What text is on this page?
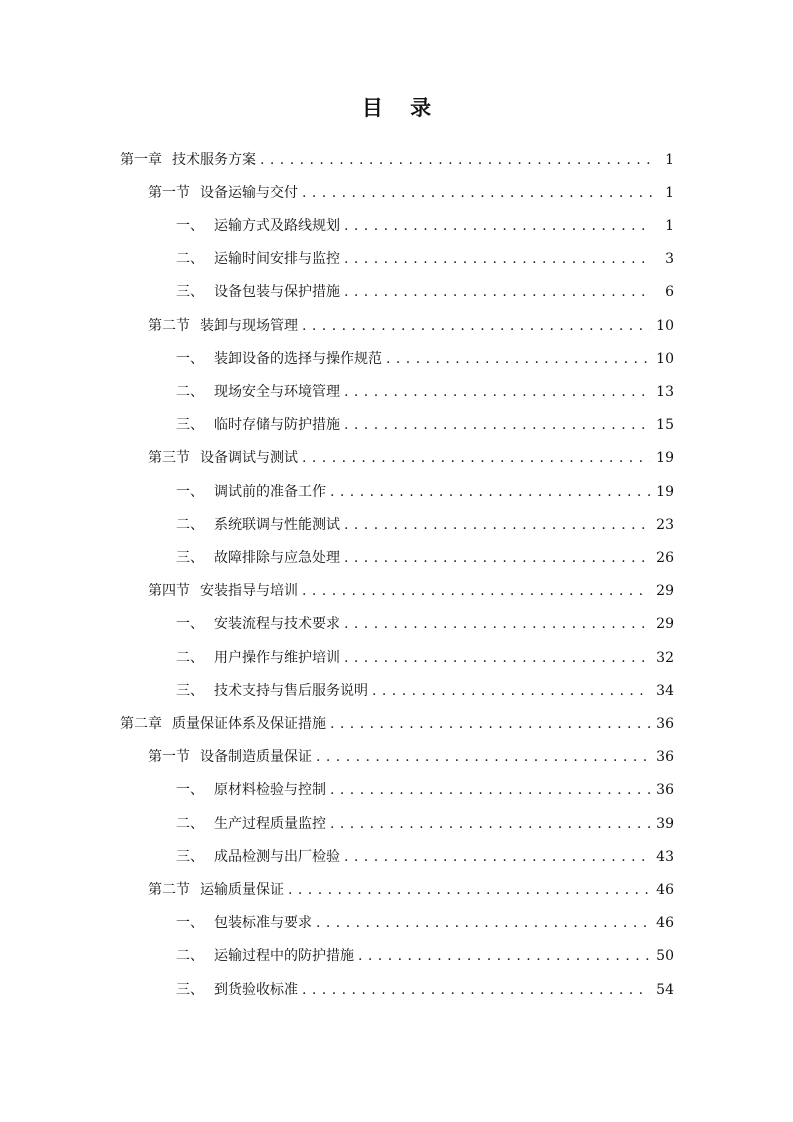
目 录
第一章 技术服务方案 . . .	1
第一节 设备运输与交付 . . .	1
一、 运输方式及路线规划 . . .	1
二、 运输时间安排与监控 . . .	3
三、 设备包装与保护措施 . . .	6
第二节 装卸与现场管理 . . .	10
一、 装卸设备的选择与操作规范 . . .	10
二、 现场安全与环境管理 . . .	13
三、 临时存储与防护措施 . . .	15
第三节 设备调试与测试 . . .	19
一、 调试前的准备工作 . . .	19
二、 系统联调与性能测试 . . .	23
三、 故障排除与应急处理 . . .	26
第四节 安装指导与培训 . . .	29
一、 安装流程与技术要求 . . .	29
二、 用户操作与维护培训 . . .	32
三、 技术支持与售后服务说明 . . .	34
第二章 质量保证体系及保证措施 . . .	36
第一节 设备制造质量保证 . . .	36
一、 原材料检验与控制 . . .	36
二、 生产过程质量监控 . . .	39
三、 成品检测与出厂检验 . . .	43
第二节 运输质量保证 . . .	46
一、 包装标准与要求 . . .	46
二、 运输过程中的防护措施 . . .	50
三、 到货验收标准 . . .	54
